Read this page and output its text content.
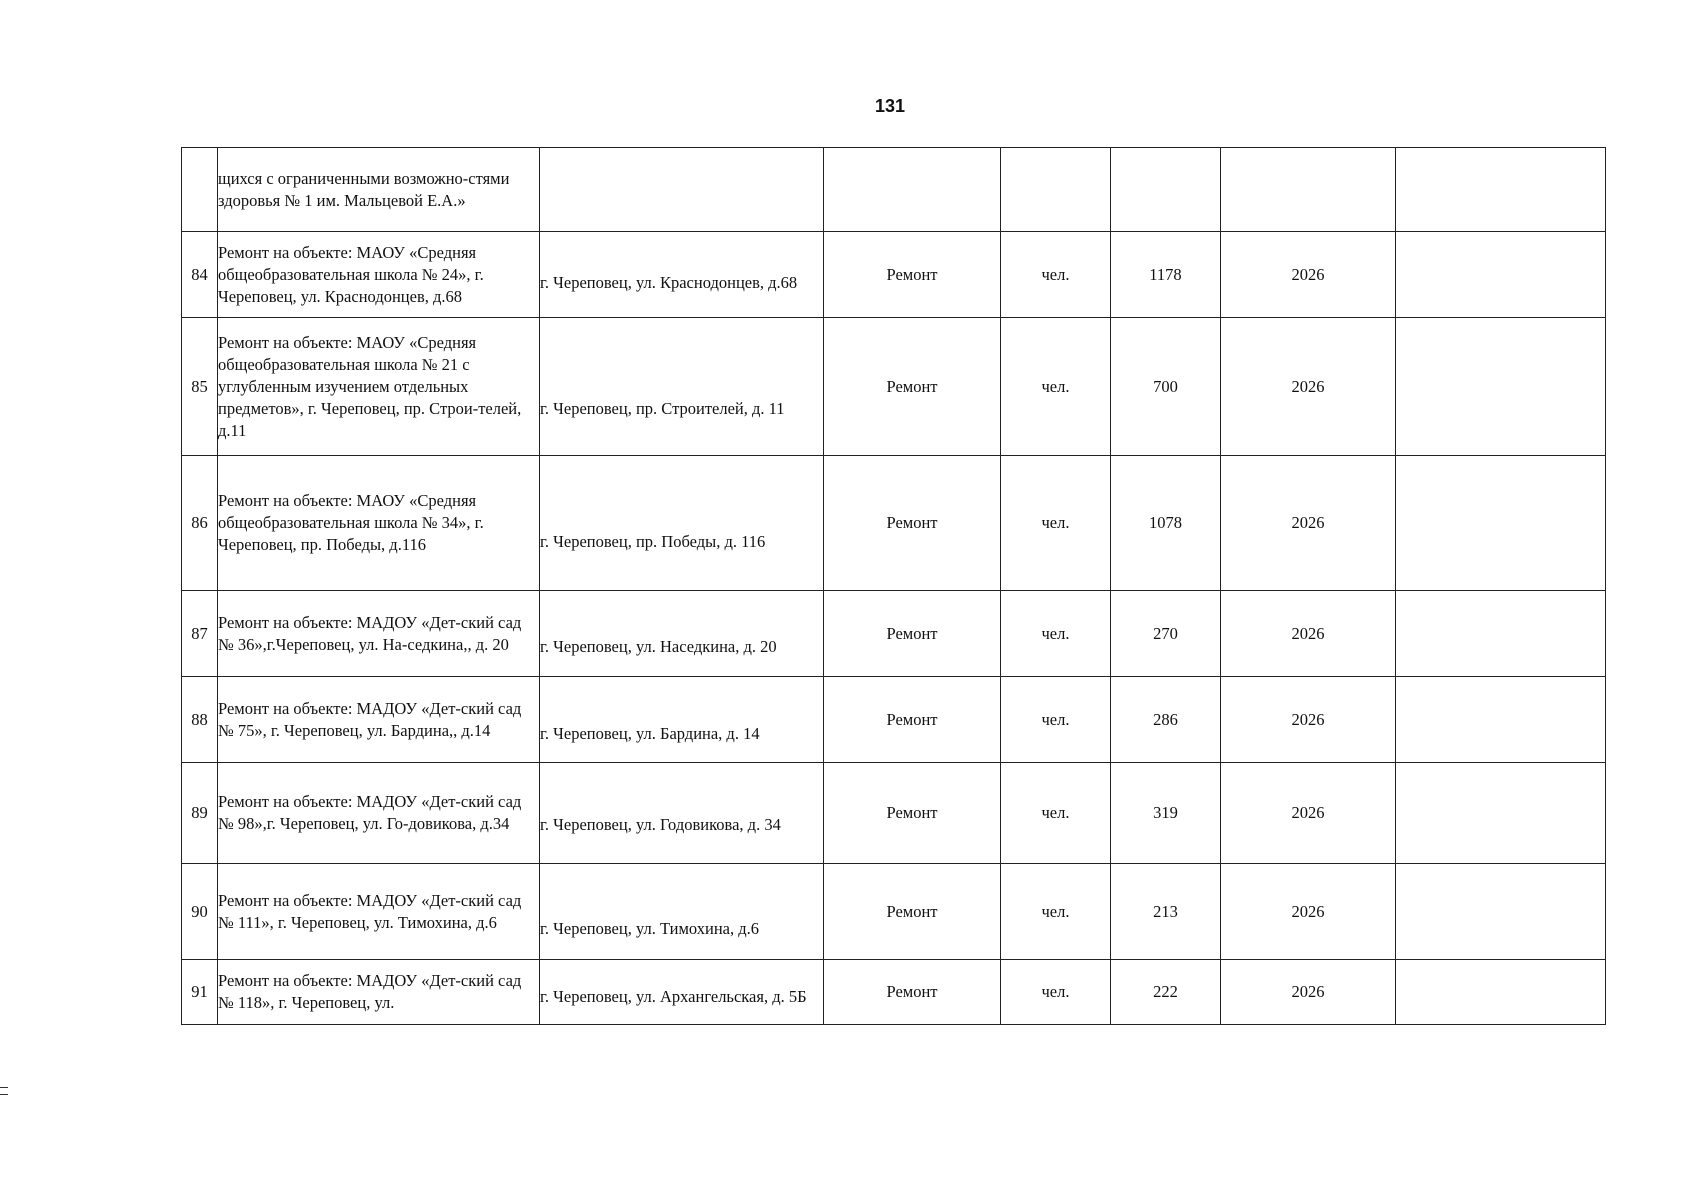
131
	щихся с ограниченными возможно-стями здоровья № 1 им. Мальцевой Е.А.»	

84	Ремонт на объекте: МАОУ «Средняя общеобразовательная школа № 24», г. Череповец, ул. Краснодонцев, д.68	г. Череповец, ул. Краснодонцев, д.68	Ремонт	чел.	1178	2026	
85	Ремонт на объекте: МАОУ «Средняя общеобразовательная школа № 21 с углубленным изучением отдельных предметов», г. Череповец, пр. Строи-телей, д.11	г. Череповец, пр. Строителей, д. 11	Ремонт	чел.	700	2026	
86	Ремонт на объекте: МАОУ «Средняя общеобразовательная школа № 34», г. Череповец, пр. Победы, д.116	г. Череповец, пр. Победы, д. 116	Ремонт	чел.	1078	2026	
87	Ремонт на объекте: МАДОУ «Дет-ский сад № 36»,г.Череповец, ул. На-седкина,, д. 20	г. Череповец, ул. Наседкина, д. 20	Ремонт	чел.	270	2026	
88	Ремонт на объекте: МАДОУ «Дет-ский сад № 75», г. Череповец, ул. Бардина,, д.14	г. Череповец, ул. Бардина, д. 14	Ремонт	чел.	286	2026	
89	Ремонт на объекте: МАДОУ «Дет-ский сад № 98»,г. Череповец, ул. Го-довикова, д.34	г. Череповец, ул. Годовикова, д. 34	Ремонт	чел.	319	2026	
90	Ремонт на объекте: МАДОУ «Дет-ский сад № 111», г. Череповец, ул. Тимохина, д.6	г. Череповец, ул. Тимохина, д.6	Ремонт	чел.	213	2026	
91	Ремонт на объекте: МАДОУ «Дет-ский сад № 118», г. Череповец, ул.	г. Череповец, ул. Архангельская, д. 5Б	Ремонт	чел.	222	2026	
